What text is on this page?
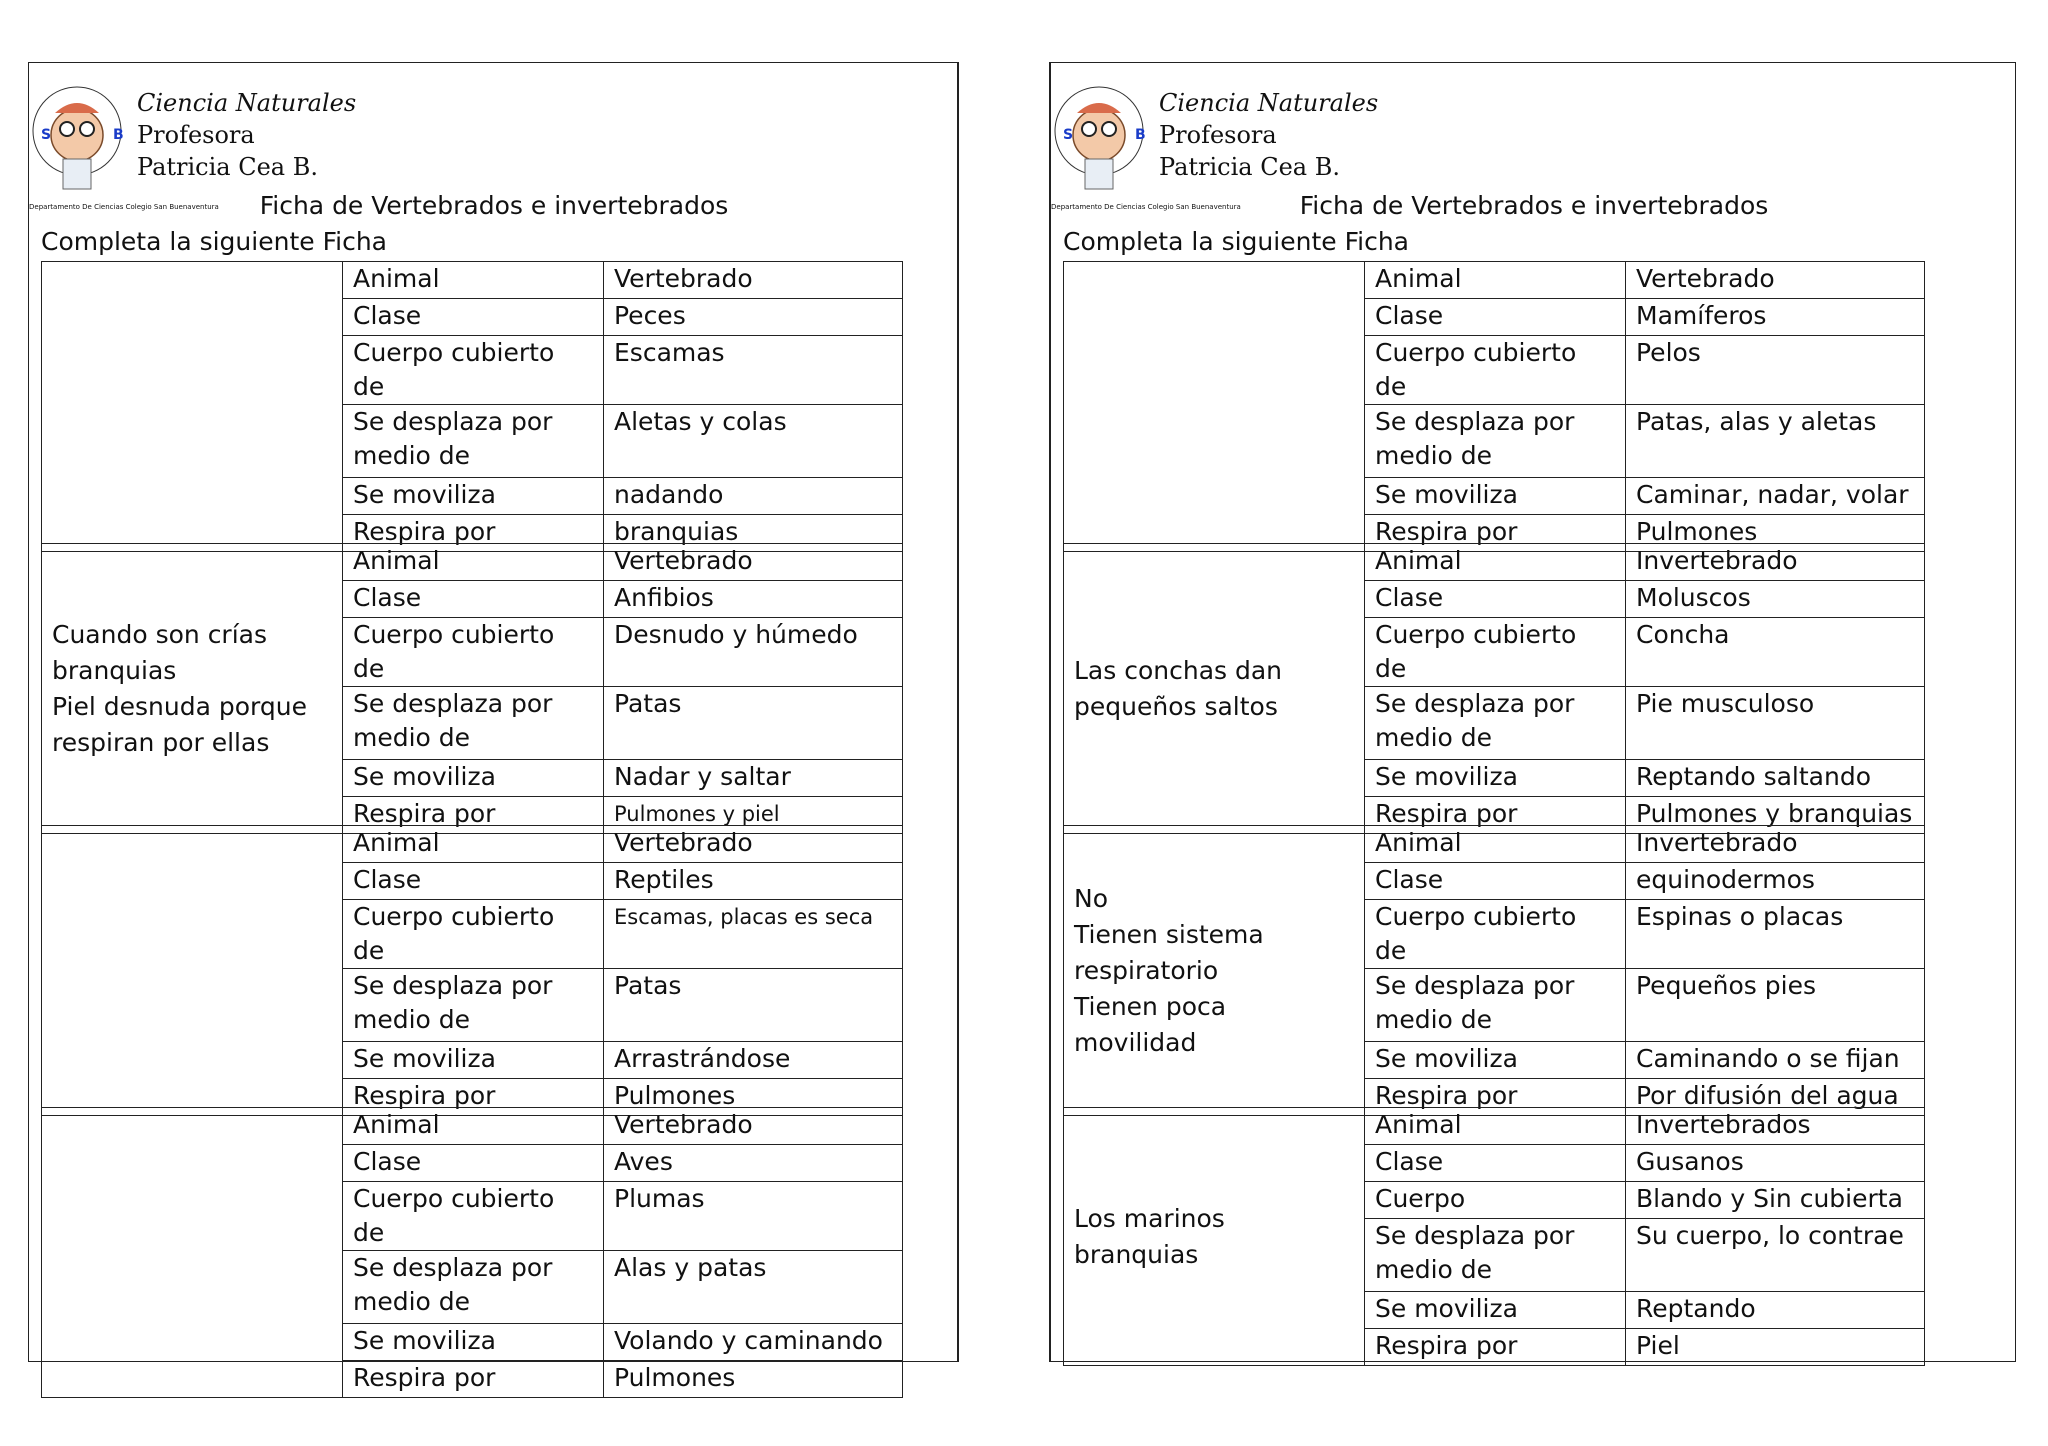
S	B
Departamento De Ciencias Colegio San Buenaventura
Ciencia Naturales
Profesora
Patricia Cea B.
Ficha de Vertebrados e invertebrados
Completa la siguiente Ficha
	Animal	Vertebrado
	Clase	Peces
	Cuerpo cubierto de	Escamas
	Se desplaza por
medio de	Aletas y colas
	Se moviliza	nadando
	Respira por	branquias
Cuando son crías
branquias
Piel desnuda porque
respiran por ellas	Animal	Vertebrado
	Clase	Anfibios
	Cuerpo cubierto de	Desnudo y húmedo
	Se desplaza por
medio de	Patas
	Se moviliza	Nadar y saltar
	Respira por	Pulmones y piel
	Animal	Vertebrado
	Clase	Reptiles
	Cuerpo cubierto de	Escamas, placas es seca
	Se desplaza por
medio de	Patas
	Se moviliza	Arrastrándose
	Respira por	Pulmones
	Animal	Vertebrado
	Clase	Aves
	Cuerpo cubierto de	Plumas
	Se desplaza por
medio de	Alas y patas
	Se moviliza	Volando y caminando
	Respira por	Pulmones
S	B
Departamento De Ciencias Colegio San Buenaventura
Ciencia Naturales
Profesora
Patricia Cea B.
Ficha de Vertebrados e invertebrados
Completa la siguiente Ficha
	Animal	Vertebrado
	Clase	Mamíferos
	Cuerpo cubierto de	Pelos
	Se desplaza por
medio de	Patas, alas y aletas
	Se moviliza	Caminar, nadar, volar
	Respira por	Pulmones
Las conchas dan
pequeños saltos	Animal	Invertebrado
	Clase	Moluscos
	Cuerpo cubierto de	Concha
	Se desplaza por
medio de	Pie musculoso
	Se moviliza	Reptando saltando
	Respira por	Pulmones y branquias
No
Tienen sistema
respiratorio
Tienen poca movilidad	Animal	Invertebrado
	Clase	equinodermos
	Cuerpo cubierto de	Espinas o placas
	Se desplaza por
medio de	Pequeños pies
	Se moviliza	Caminando o se fijan
	Respira por	Por difusión del agua
Los marinos branquias	Animal	Invertebrados
	Clase	Gusanos
	Cuerpo	Blando y Sin cubierta
	Se desplaza por
medio de	Su cuerpo, lo contrae
	Se moviliza	Reptando
	Respira por	Piel
